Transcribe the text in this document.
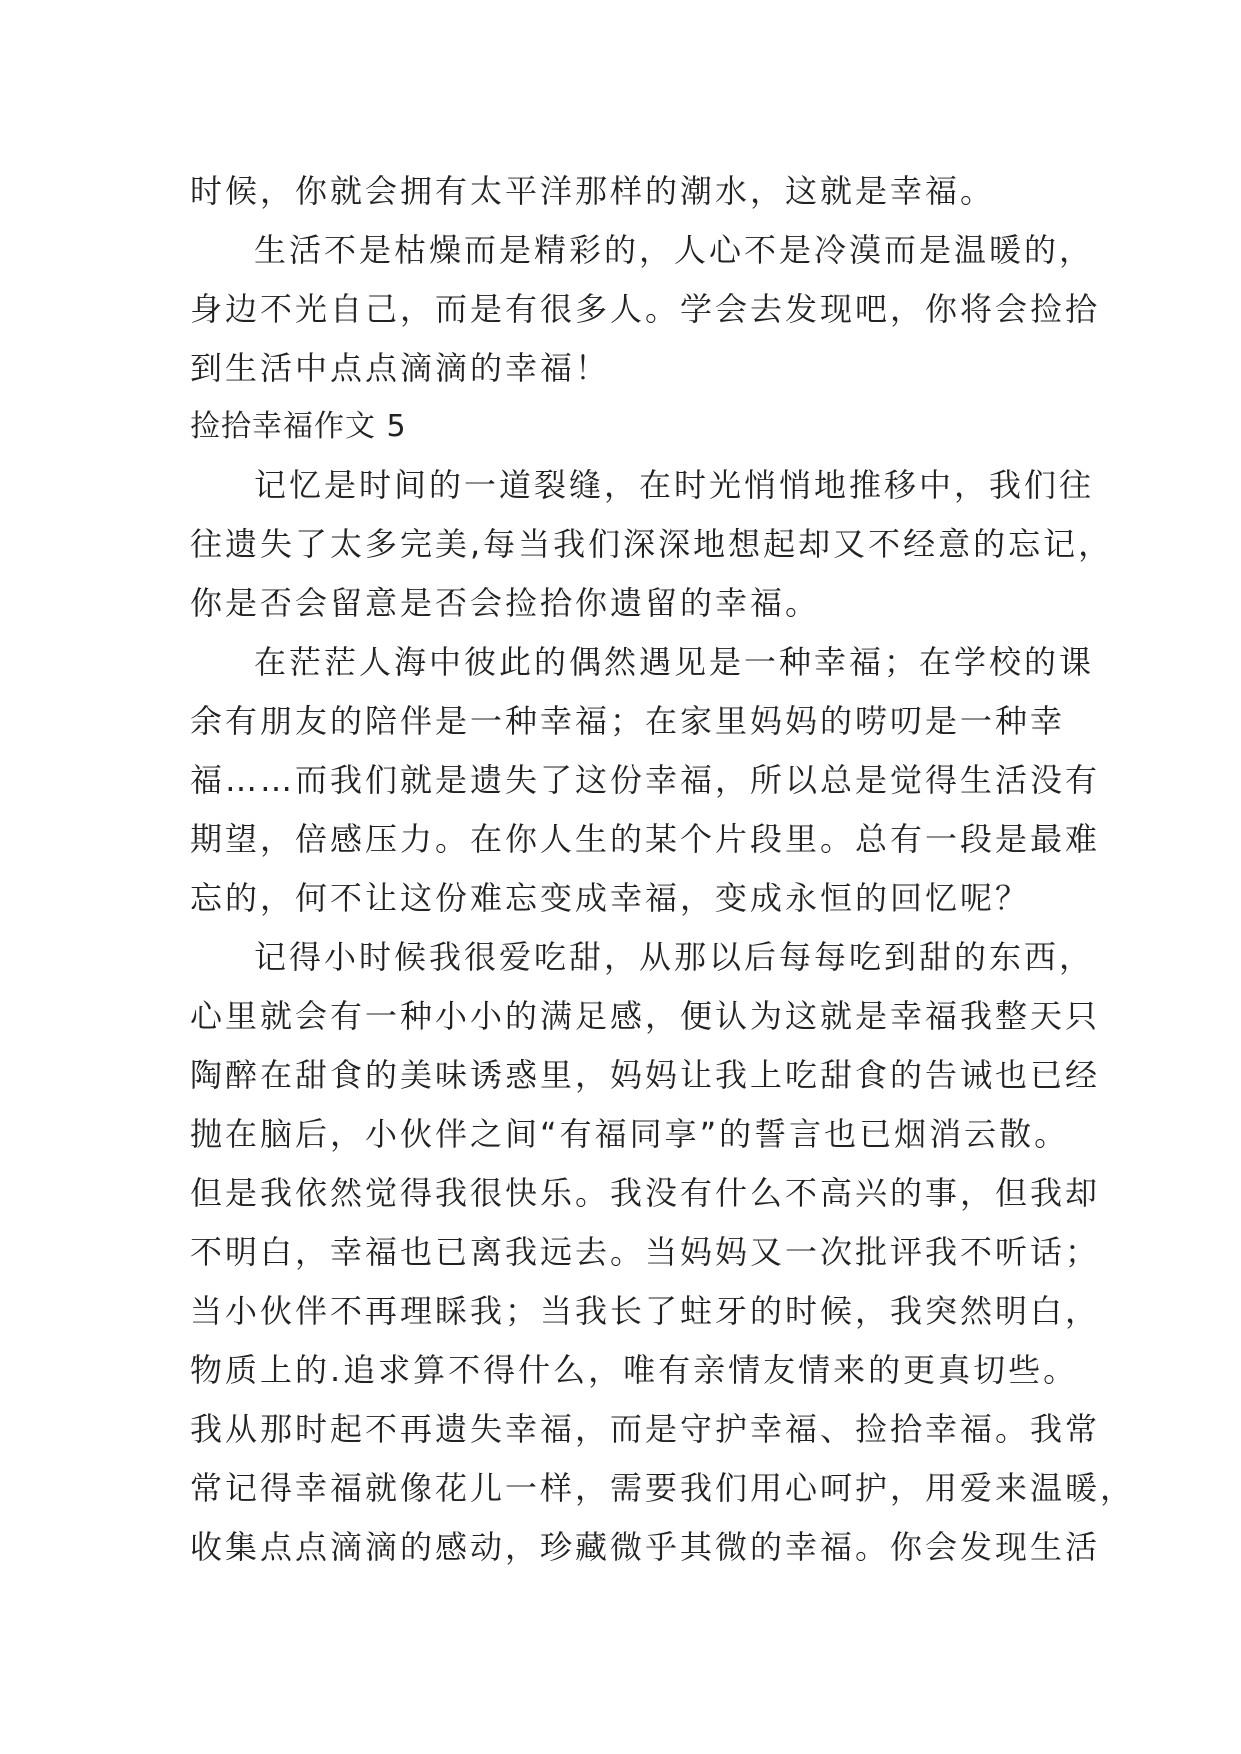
时候，你就会拥有太平洋那样的潮水，这就是幸福。
生活不是枯燥而是精彩的，人心不是冷漠而是温暖的，
身边不光自己，而是有很多人。学会去发现吧，你将会捡拾
到生活中点点滴滴的幸福！
捡拾幸福作文 5
记忆是时间的一道裂缝，在时光悄悄地推移中，我们往
往遗失了太多完美,每当我们深深地想起却又不经意的忘记，
你是否会留意是否会捡拾你遗留的幸福。
在茫茫人海中彼此的偶然遇见是一种幸福；在学校的课
余有朋友的陪伴是一种幸福；在家里妈妈的唠叨是一种幸
福……而我们就是遗失了这份幸福，所以总是觉得生活没有
期望，倍感压力。在你人生的某个片段里。总有一段是最难
忘的，何不让这份难忘变成幸福，变成永恒的回忆呢？
记得小时候我很爱吃甜，从那以后每每吃到甜的东西，
心里就会有一种小小的满足感，便认为这就是幸福我整天只
陶醉在甜食的美味诱惑里，妈妈让我上吃甜食的告诫也已经
抛在脑后，小伙伴之间“有福同享”的誓言也已烟消云散。
但是我依然觉得我很快乐。我没有什么不高兴的事，但我却
不明白，幸福也已离我远去。当妈妈又一次批评我不听话；
当小伙伴不再理睬我；当我长了蛀牙的时候，我突然明白，
物质上的.追求算不得什么，唯有亲情友情来的更真切些。
我从那时起不再遗失幸福，而是守护幸福、捡拾幸福。我常
常记得幸福就像花儿一样，需要我们用心呵护，用爱来温暖，
收集点点滴滴的感动，珍藏微乎其微的幸福。你会发现生活
